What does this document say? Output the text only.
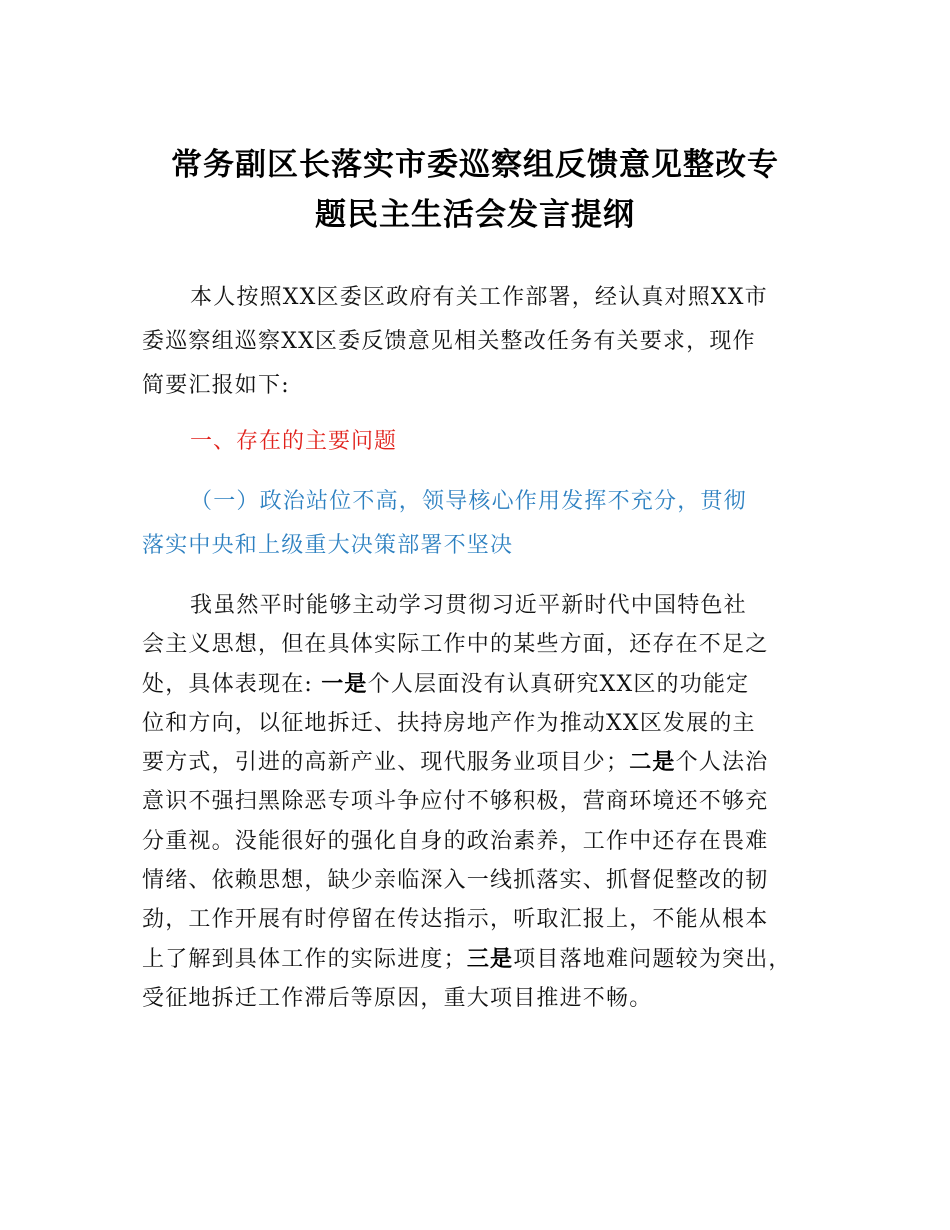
常务副区长落实市委巡察组反馈意见整改专
题民主生活会发言提纲
本人按照XX区委区政府有关工作部署，经认真对照XX市
委巡察组巡察XX区委反馈意见相关整改任务有关要求，现作
简要汇报如下:
一、存在的主要问题
（一）政治站位不高，领导核心作用发挥不充分，贯彻
落实中央和上级重大决策部署不坚决
我虽然平时能够主动学习贯彻习近平新时代中国特色社
会主义思想，但在具体实际工作中的某些方面，还存在不足之
处，具体表现在: 一是个人层面没有认真研究XX区的功能定
位和方向，以征地拆迁、扶持房地产作为推动XX区发展的主
要方式，引进的高新产业、现代服务业项目少；二是个人法治
意识不强扫黑除恶专项斗争应付不够积极，营商环境还不够充
分重视。没能很好的强化自身的政治素养，工作中还存在畏难
情绪、依赖思想，缺少亲临深入一线抓落实、抓督促整改的韧
劲，工作开展有时停留在传达指示，听取汇报上，不能从根本
上了解到具体工作的实际进度；三是项目落地难问题较为突出，
受征地拆迁工作滞后等原因，重大项目推进不畅。
